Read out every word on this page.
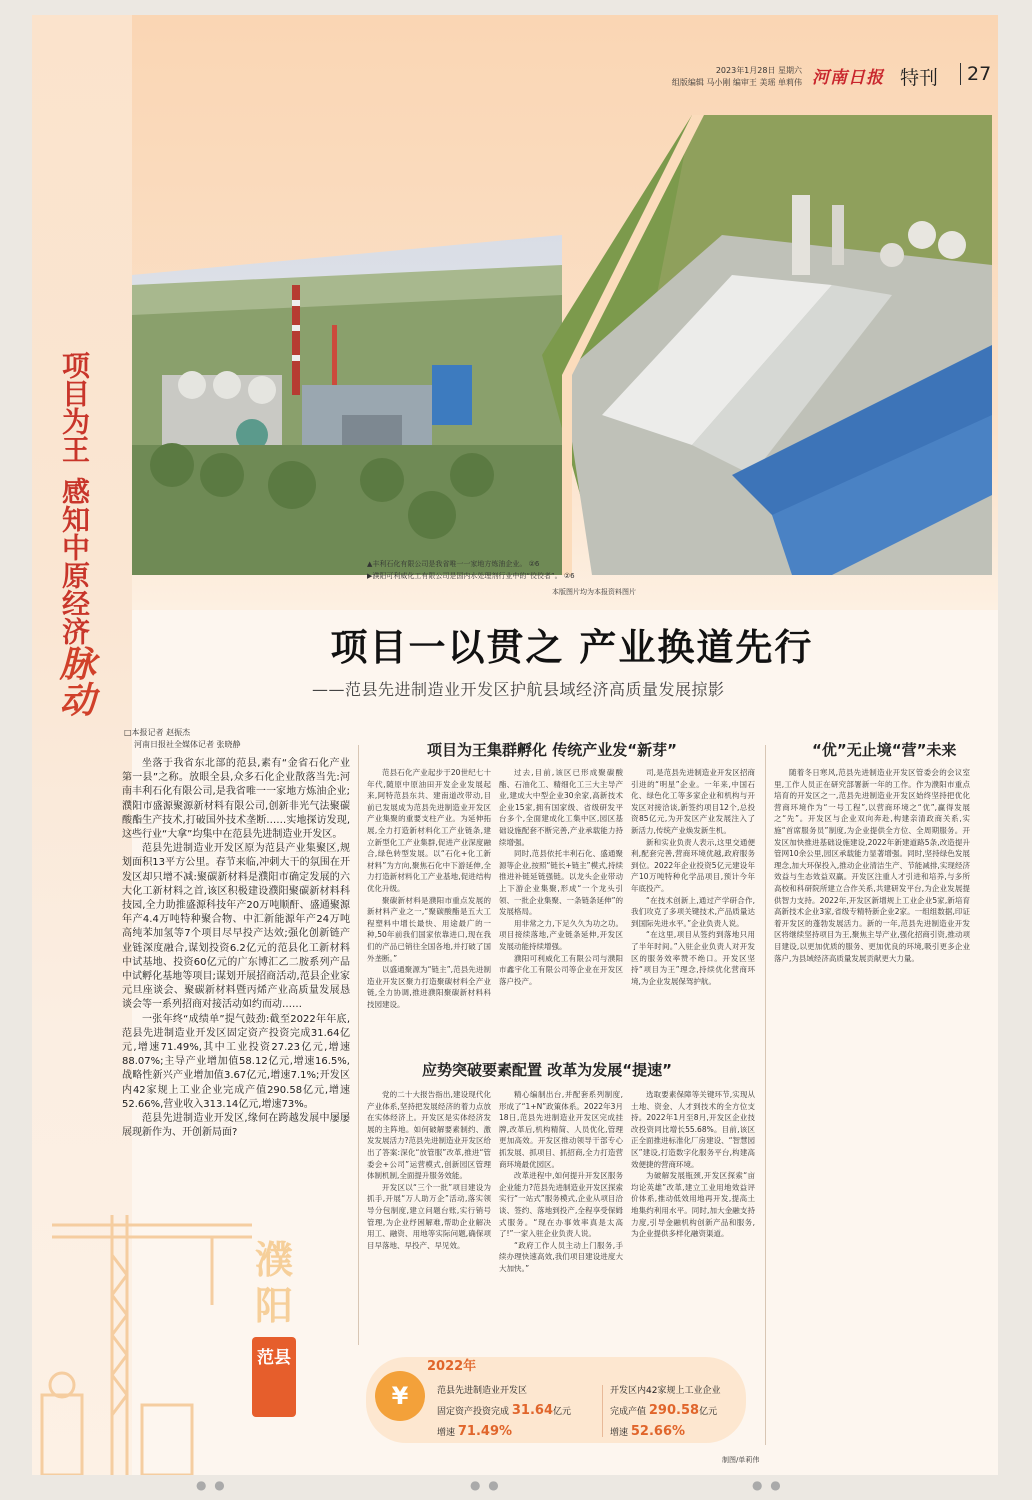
2023年1月28日 星期六
组版编辑 马小刚 编审王 美瑶 单莉伟 河南日报 特刊	27
项目为王
感知中原经济
脉动
▲丰利石化有限公司是我省唯一一家地方炼油企业。 ②6
▶濮阳可利威化工有限公司是国内水处理剂行业中的“佼佼者”。 ②6
本版图片均为本报资料图片
项目一以贯之 产业换道先行
——范县先进制造业开发区护航县域经济高质量发展掠影
□本报记者 赵振杰
河南日报社全媒体记者 张晓静

坐落于我省东北部的范县,素有“金省石化产业第一县”之称。放眼全县,众多石化企业散落当先:河南丰利石化有限公司,是我省唯一一家地方炼油企业;濮阳市盛源聚源新材料有限公司,创新非光气法聚碳酸酯生产技术,打破国外技术垄断……实地探访发现,这些行业“大拿”均集中在范县先进制造业开发区。

范县先进制造业开发区原为范县产业集聚区,规划面积13平方公里。春节来临,冲刺大干的氛围在开发区却只增不减:聚碳新材料是濮阳市确定发展的六大化工新材料之首,该区积极建设濮阳聚碳新材料科技园,全力助推盛源科技年产20万吨顺酐、盛通聚源年产4.4万吨特种聚合物、中汇新能源年产24万吨高纯苯加氢等7个项目尽早投产达效;强化创新链产业链深度融合,谋划投资6.2亿元的范县化工新材料中试基地、投资60亿元的广东博汇乙二胺系列产品中试孵化基地等项目;谋划开展招商活动,范县企业家元旦座谈会、聚碳新材料暨丙烯产业高质量发展恳谈会等一系列招商对接活动如约而动……

一张年终“成绩单”提气鼓劲:截至2022年年底,范县先进制造业开发区固定资产投资完成31.64亿元,增速71.49%,其中工业投资27.23亿元,增速88.07%;主导产业增加值58.12亿元,增速16.5%,战略性新兴产业增加值3.67亿元,增速7.1%;开发区内42家规上工业企业完成产值290.58亿元,增速52.66%,营业收入313.14亿元,增速73%。

范县先进制造业开发区,缘何在跨越发展中屡屡展现新作为、开创新局面?

项目为王集群孵化 传统产业发“新芽”

范县石化产业起步于20世纪七十年代,随原中原油田开发企业发展起来,阿特范县东共、建南道改带动,目前已发展成为范县先进制造业开发区产业集聚的重要支柱产业。为延伸拓展,全力打造新材料化工产业链条,建立新型化工产业集群,促进产业深度融合,绿色转型发展。以“石化+化工新材料”为方向,聚焦石化中下游延伸,全力打造新材料化工产业基地,促进结构优化升级。

聚碳新材料是濮阳市重点发展的新材料产业之一,“聚碳酸酯是五大工程塑料中增长最快、用途最广的一种,50年前我们国家依靠进口,现在我们的产品已销往全国各地,并打破了国外垄断。”

以盛通聚源为“链主”,范县先进制造业开发区聚力打造聚碳材料全产业链,全力协调,推进濮阳聚碳新材料科技园建设。

过去,目前,该区已形成聚碳酸酯、石油化工、精细化工三大主导产业,建成大中型企业30余家,高新技术企业15家,拥有国家级、省级研发平台多个,全面建成化工集中区,园区基础设施配套不断完善,产业承载能力持续增强。

同时,范县依托丰利石化、盛通聚源等企业,按照“链长+链主”模式,持续推进补链延链强链。以龙头企业带动上下游企业集聚,形成“一个龙头引领、一批企业集聚、一条链条延伸”的发展格局。

用非常之力,下足久久为功之功。项目接续落地,产业链条延伸,开发区发展动能持续增强。

濮阳可利威化工有限公司与濮阳市鑫宇化工有限公司等企业在开发区落户投产。

司,是范县先进制造业开发区招商引进的“明星”企业。一年来,中国石化、绿色化工等多家企业和机构与开发区对接洽谈,新签约项目12个,总投资85亿元,为开发区产业发展注入了新活力,传统产业焕发新生机。

新和实业负责人表示,这里交通便利,配套完善,营商环境优越,政府服务到位。2022年企业投资5亿元建设年产10万吨特种化学品项目,预计今年年底投产。

“在技术创新上,通过产学研合作,我们攻克了多项关键技术,产品质量达到国际先进水平。”企业负责人说。

“在这里,项目从签约到落地只用了半年时间。”入驻企业负责人对开发区的服务效率赞不绝口。开发区坚持“项目为王”理念,持续优化营商环境,为企业发展保驾护航。

应势突破要素配置 改革为发展“提速”

党的二十大报告指出,建设现代化产业体系,坚持把发展经济的着力点放在实体经济上。开发区是实体经济发展的主阵地。如何破解要素制约、激发发展活力?范县先进制造业开发区给出了答案:深化“放管服”改革,推进“管委会+公司”运营模式,创新园区管理体制机制,全面提升服务效能。

开发区以“三个一批”项目建设为抓手,开展“万人助万企”活动,落实领导分包制度,建立问题台账,实行销号管理,为企业纾困解难,帮助企业解决用工、融资、用地等实际问题,确保项目早落地、早投产、早见效。

精心编制出台,并配套系列制度,形成了“1+N”政策体系。2022年3月18日,范县先进制造业开发区完成挂牌,改革后,机构精简、人员优化,管理更加高效。开发区推动领导干部专心抓发展、抓项目、抓招商,全力打造营商环境最优园区。

改革进程中,如何提升开发区服务企业能力?范县先进制造业开发区探索实行“一站式”服务模式,企业从项目洽谈、签约、落地到投产,全程享受保姆式服务。“现在办事效率真是太高了!”一家入驻企业负责人说。

“政府工作人员主动上门服务,手续办理快速高效,我们项目建设进度大大加快。”

选取要素保障等关键环节,实现从土地、资金、人才到技术的全方位支持。2022年1月至8月,开发区企业技改投资同比增长55.68%。目前,该区正全面推进标准化厂房建设、“智慧园区”建设,打造数字化服务平台,构建高效便捷的营商环境。

为破解发展瓶颈,开发区探索“亩均论英雄”改革,建立工业用地效益评价体系,推动低效用地再开发,提高土地集约利用水平。同时,加大金融支持力度,引导金融机构创新产品和服务,为企业提供多样化融资渠道。

“优”无止境“营”未来

随着冬日寒风,范县先进制造业开发区管委会的会议室里,工作人员正在研究部署新一年的工作。作为濮阳市重点培育的开发区之一,范县先进制造业开发区始终坚持把优化营商环境作为“一号工程”,以营商环境之“优”,赢得发展之“先”。开发区与企业双向奔赴,构建亲清政商关系,实施“首席服务员”制度,为企业提供全方位、全周期服务。开发区加快推进基础设施建设,2022年新建道路5条,改造提升管网10余公里,园区承载能力显著增强。同时,坚持绿色发展理念,加大环保投入,推动企业清洁生产、节能减排,实现经济效益与生态效益双赢。开发区注重人才引进和培养,与多所高校和科研院所建立合作关系,共建研发平台,为企业发展提供智力支持。2022年,开发区新增规上工业企业5家,新培育高新技术企业3家,省级专精特新企业2家。一组组数据,印证着开发区的蓬勃发展活力。新的一年,范县先进制造业开发区将继续坚持项目为王,聚焦主导产业,强化招商引资,推动项目建设,以更加优质的服务、更加优良的环境,吸引更多企业落户,为县域经济高质量发展贡献更大力量。

濮阳
范县
¥
2022年
范县先进制造业开发区
固定资产投资完成 31.64亿元
增速 71.49%
开发区内42家规上工业企业
完成产值 290.58亿元
增速 52.66%
制图/单莉伟
● ●	● ●	● ●
